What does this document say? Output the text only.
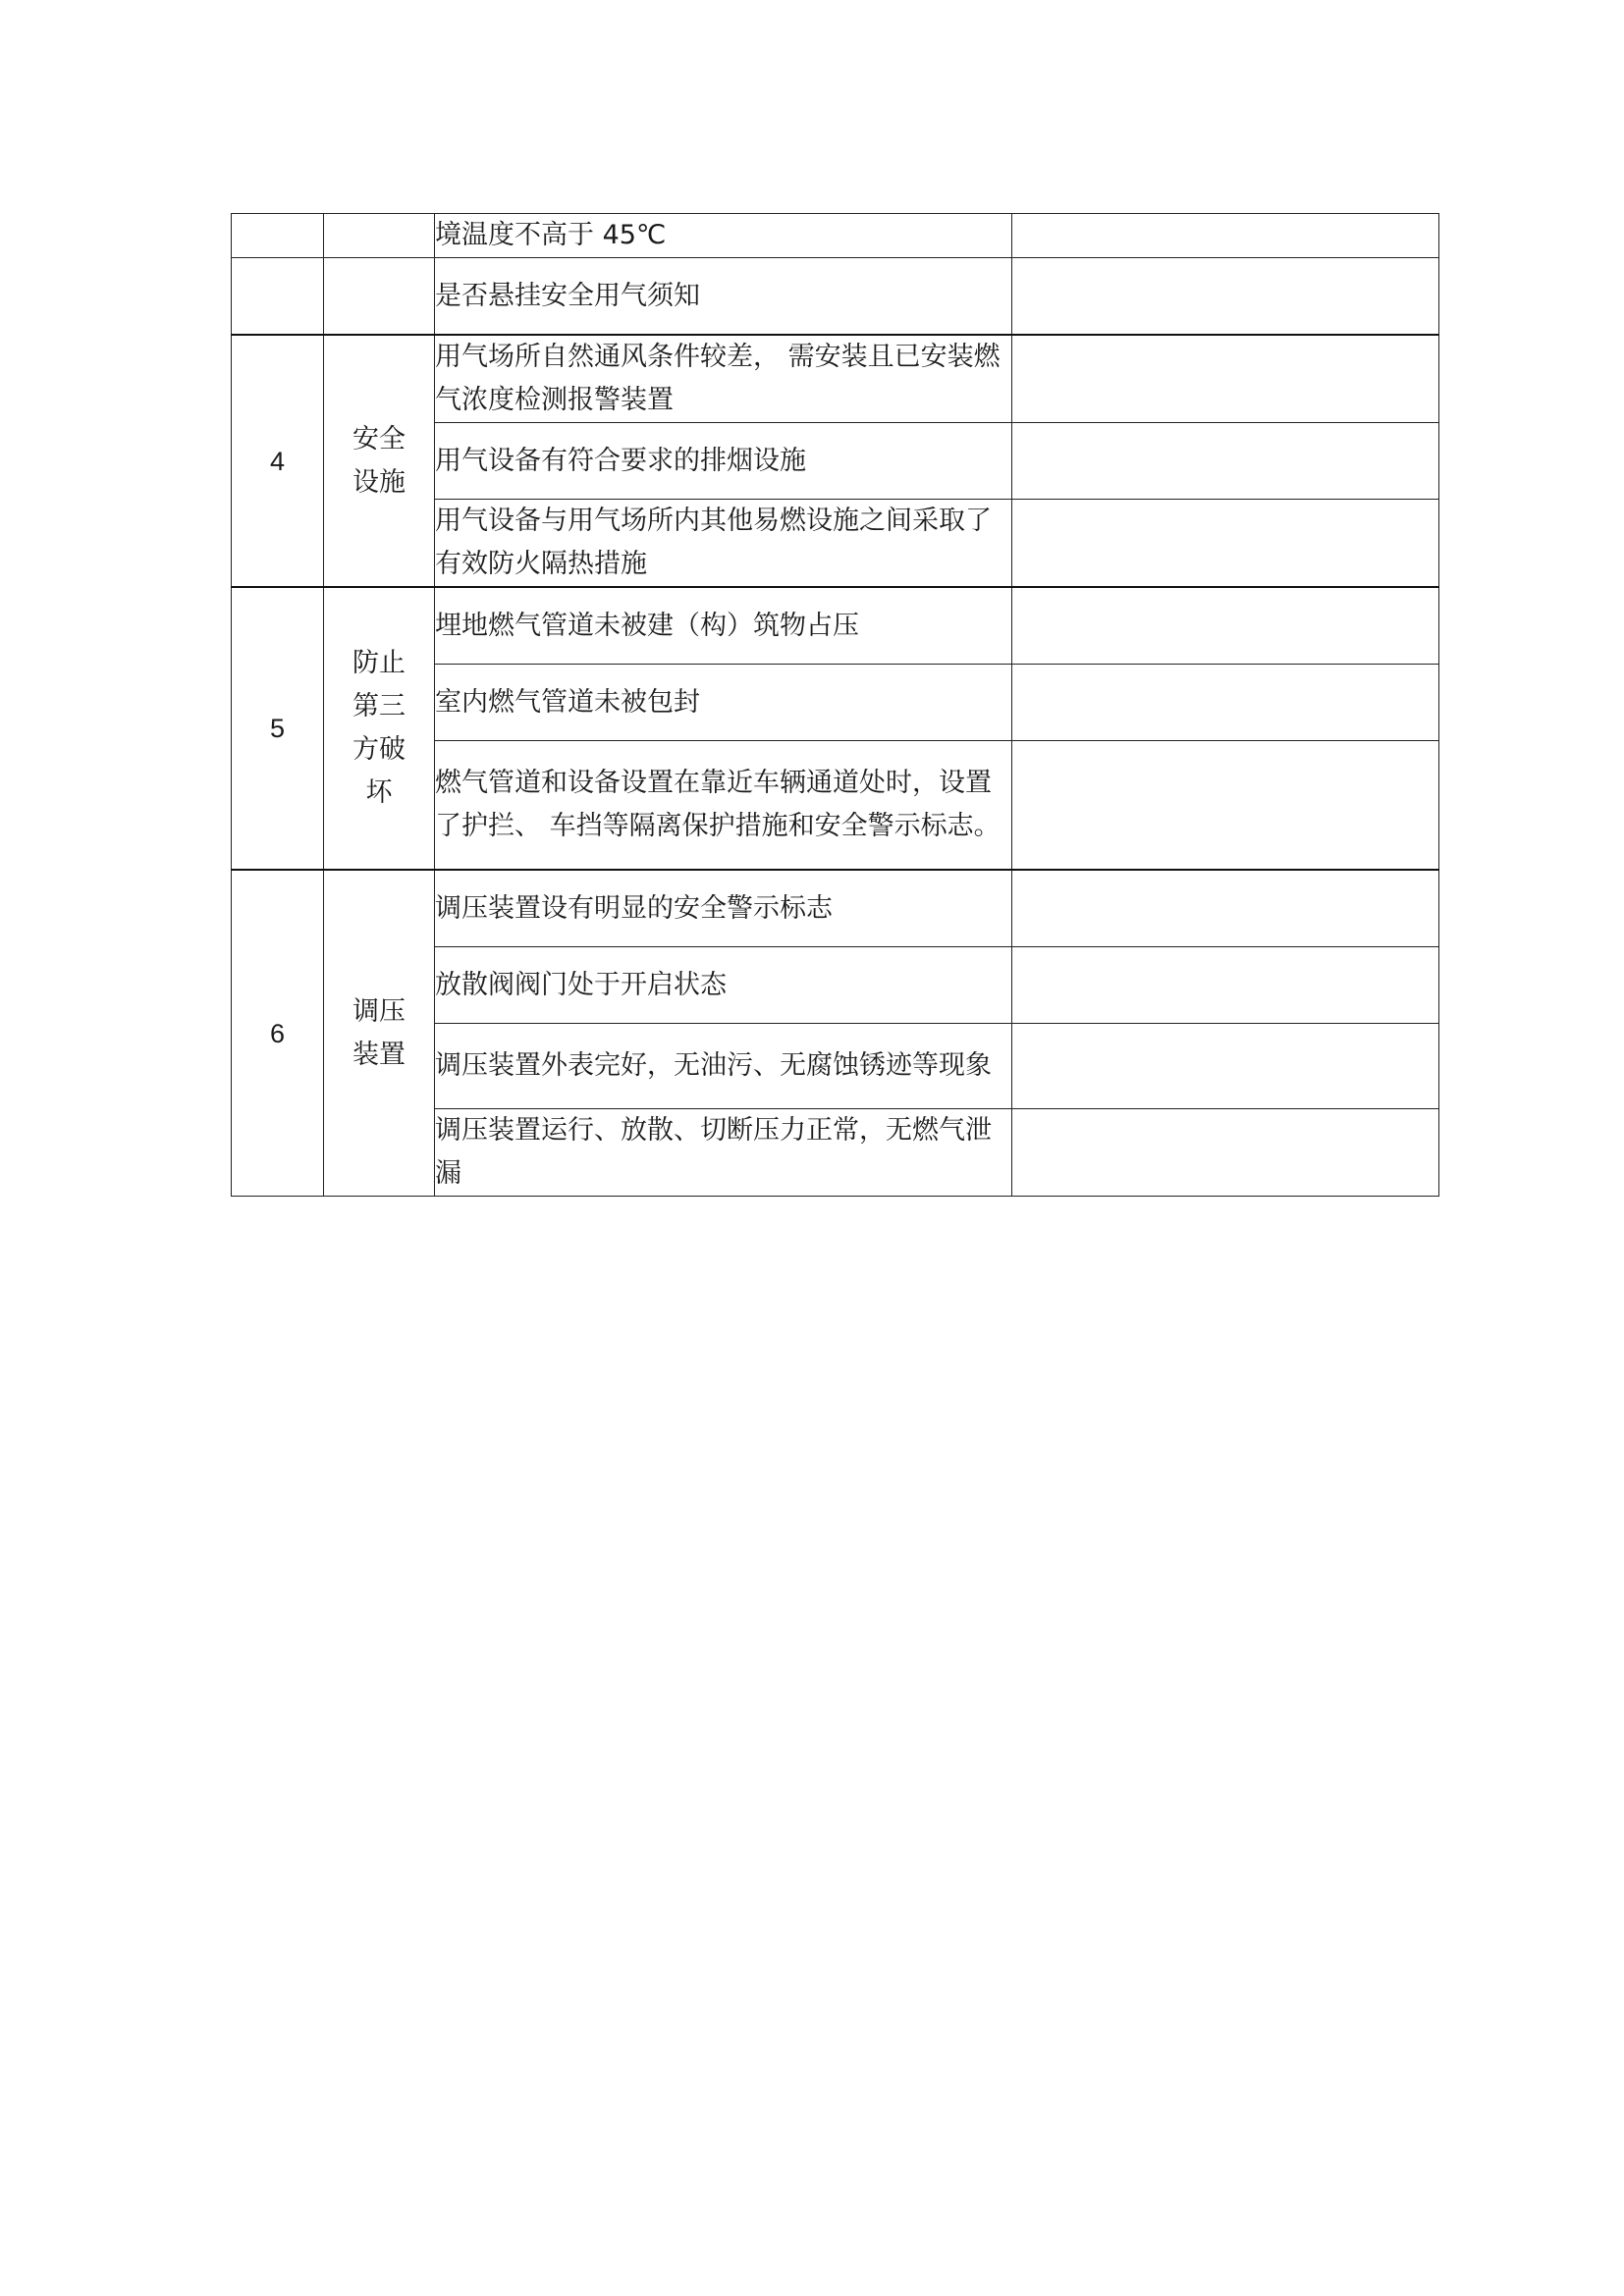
		境温度不高于 45℃	

		是否悬挂安全用气须知	

4	安全设施	用气场所自然通风条件较差， 需安装且已安装燃气浓度检测报警装置	

		用气设备有符合要求的排烟设施	

		用气设备与用气场所内其他易燃设施之间采取了有效防火隔热措施	

5	防止第三方破坏	埋地燃气管道未被建（构）筑物占压	

		室内燃气管道未被包封	

		燃气管道和设备设置在靠近车辆通道处时，设置了护拦、 车挡等隔离保护措施和安全警示标志。	

6	调压装置	调压装置设有明显的安全警示标志	

		放散阀阀门处于开启状态	

		调压装置外表完好，无油污、无腐蚀锈迹等现象	

		调压装置运行、放散、切断压力正常，无燃气泄漏	
